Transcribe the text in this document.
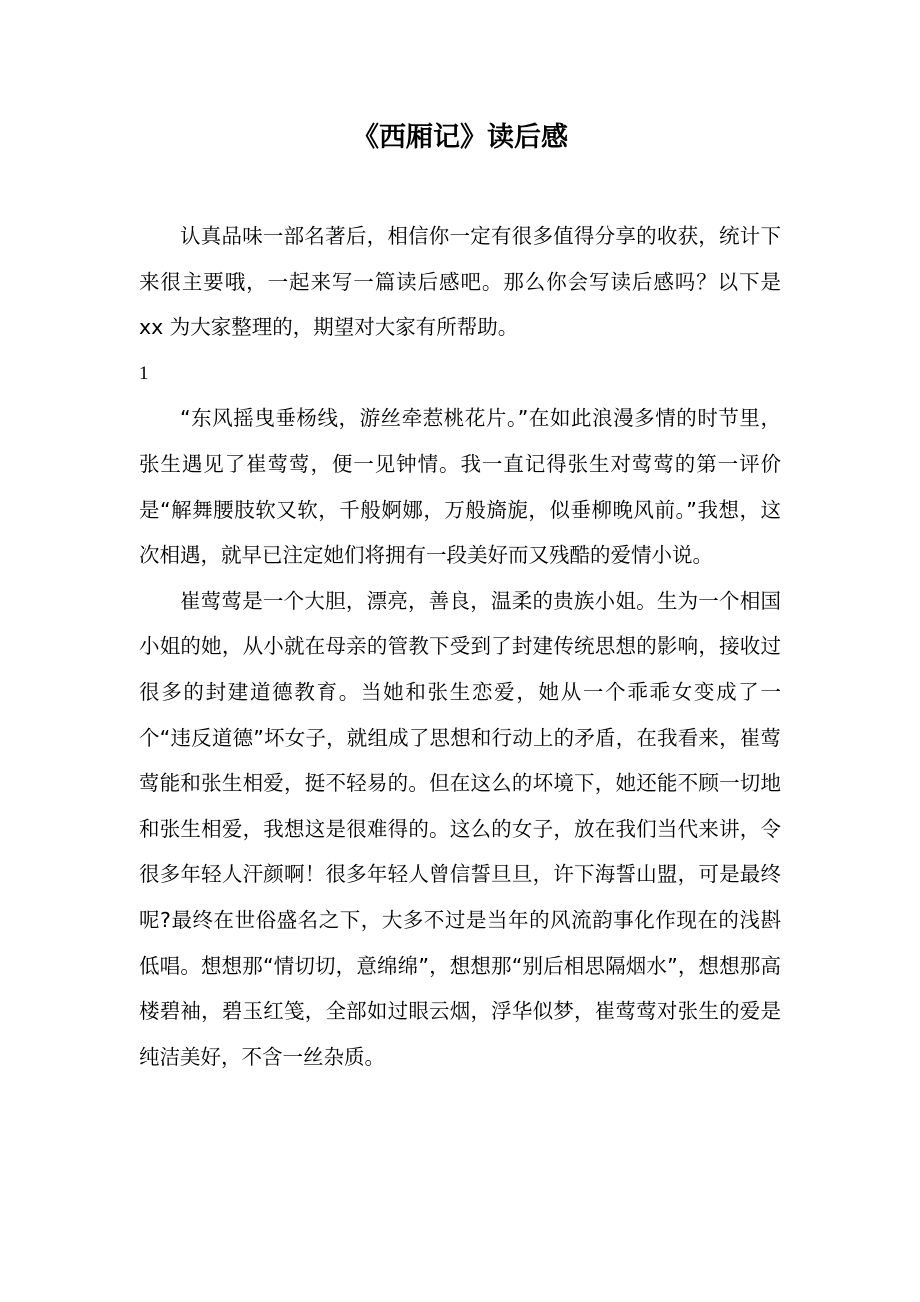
《西厢记》读后感

认真品味一部名著后，相信你一定有很多值得分享的收获，统计下来很主要哦，一起来写一篇读后感吧。那么你会写读后感吗？以下是 xx 为大家整理的，期望对大家有所帮助。

1

“东风摇曳垂杨线，游丝牵惹桃花片。”在如此浪漫多情的时节里，张生遇见了崔莺莺，便一见钟情。我一直记得张生对莺莺的第一评价是“解舞腰肢软又软，千般婀娜，万般旖旎，似垂柳晚风前。”我想，这次相遇，就早已注定她们将拥有一段美好而又残酷的爱情小说。

崔莺莺是一个大胆，漂亮，善良，温柔的贵族小姐。生为一个相国小姐的她，从小就在母亲的管教下受到了封建传统思想的影响，接收过很多的封建道德教育。当她和张生恋爱，她从一个乖乖女变成了一个“违反道德”坏女子，就组成了思想和行动上的矛盾，在我看来，崔莺莺能和张生相爱，挺不轻易的。但在这么的坏境下，她还能不顾一切地和张生相爱，我想这是很难得的。这么的女子，放在我们当代来讲，令很多年轻人汗颜啊！很多年轻人曾信誓旦旦，许下海誓山盟，可是最终呢?最终在世俗盛名之下，大多不过是当年的风流韵事化作现在的浅斟低唱。想想那“情切切，意绵绵”，想想那“别后相思隔烟水”，想想那高楼碧袖，碧玉红笺，全部如过眼云烟，浮华似梦，崔莺莺对张生的爱是纯洁美好，不含一丝杂质。
